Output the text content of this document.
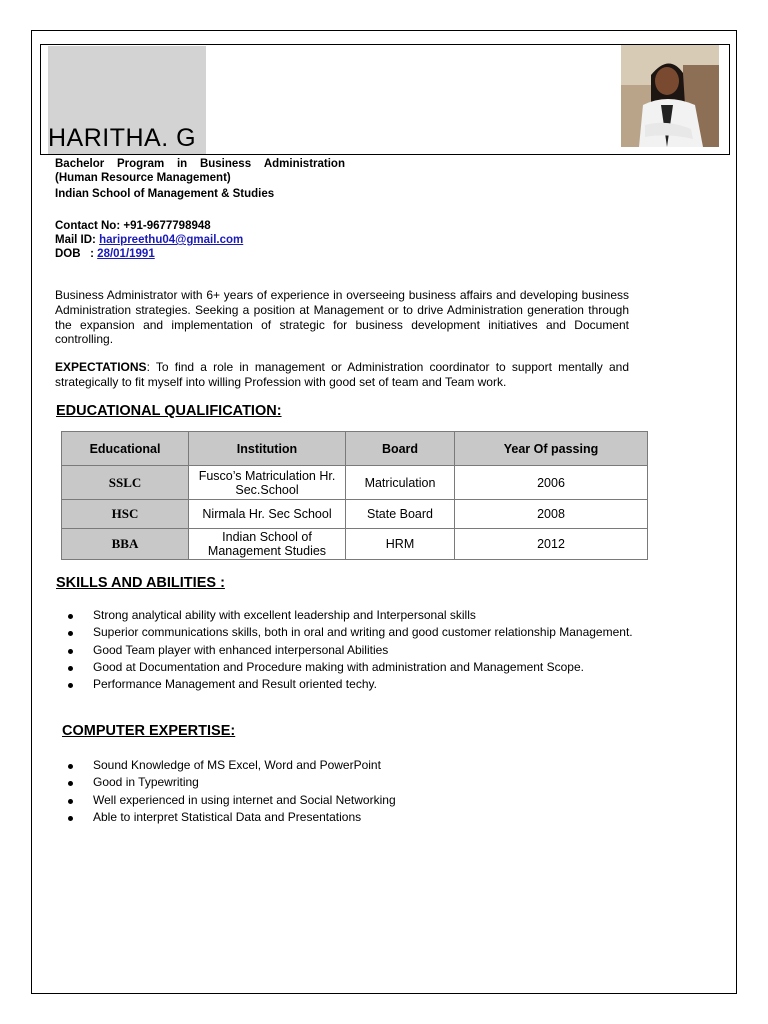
HARITHA. G
Bachelor Program in Business Administration
(Human Resource Management)
Indian School of Management & Studies
Contact No: +91-9677798948
Mail ID: haripreethu04@gmail.com
DOB   : 28/01/1991

Business Administrator with 6+ years of experience in overseeing business affairs and developing business Administration strategies. Seeking a position at Management or to drive Administration generation through the expansion and implementation of strategic for business development initiatives and Document controlling.

EXPECTATIONS: To find a role in management or Administration coordinator to support mentally and strategically to fit myself into willing Profession with good set of team and Team work.

EDUCATIONAL QUALIFICATION:
Educational	Institution	Board	Year Of passing
SSLC	Fusco’s Matriculation Hr. Sec.School	Matriculation	2006
HSC	Nirmala Hr. Sec School	State Board	2008
BBA	Indian School of Management Studies	HRM	2012
SKILLS AND ABILITIES :
Strong analytical ability with excellent leadership and Interpersonal skills
Superior communications skills, both in oral and writing and good customer relationship Management.
Good Team player with enhanced interpersonal Abilities
Good at Documentation and Procedure making with administration and Management Scope.
Performance Management and Result oriented techy.
COMPUTER EXPERTISE:
Sound Knowledge of MS Excel, Word and PowerPoint
Good in Typewriting
Well experienced in using internet and Social Networking
Able to interpret Statistical Data and Presentations
